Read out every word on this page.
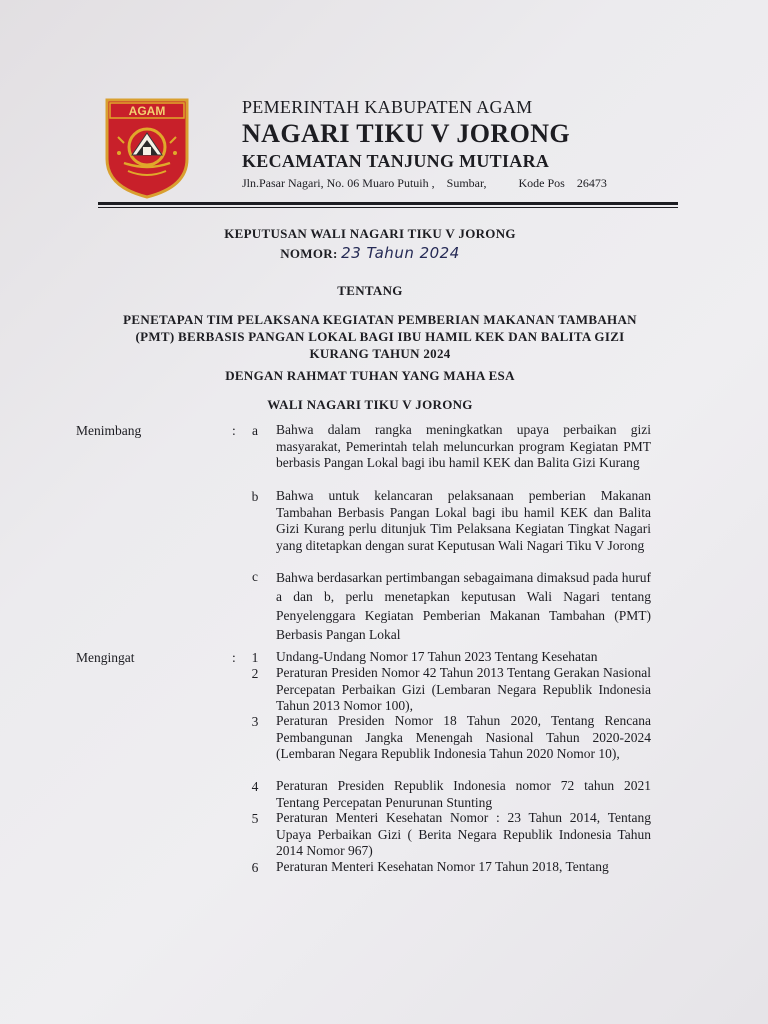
AGAM	PEMERINTAH KABUPATEN AGAM
NAGARI TIKU V JORONG
KECAMATAN TANJUNG MUTIARA
Jln.Pasar Nagari, No. 06 Muaro Putuih , Sumbar,	Kode Pos 26473
KEPUTUSAN WALI NAGARI TIKU V JORONG
NOMOR: 23 Tahun 2024
TENTANG
PENETAPAN TIM PELAKSANA KEGIATAN PEMBERIAN MAKANAN TAMBAHAN
(PMT) BERBASIS PANGAN LOKAL BAGI IBU HAMIL KEK DAN BALITA GIZI
KURANG TAHUN 2024
DENGAN RAHMAT TUHAN YANG MAHA ESA
WALI NAGARI TIKU V JORONG
Menimbang	: a Bahwa dalam rangka meningkatkan upaya perbaikan gizi masyarakat, Pemerintah telah meluncurkan program Kegiatan PMT berbasis Pangan Lokal bagi ibu hamil KEK dan Balita Gizi Kurang
b Bahwa untuk kelancaran pelaksanaan pemberian Makanan Tambahan Berbasis Pangan Lokal bagi ibu hamil KEK dan Balita Gizi Kurang perlu ditunjuk Tim Pelaksana Kegiatan Tingkat Nagari yang ditetapkan dengan surat Keputusan Wali Nagari Tiku V Jorong
c Bahwa berdasarkan pertimbangan sebagaimana dimaksud pada huruf a dan b, perlu menetapkan keputusan Wali Nagari tentang Penyelenggara Kegiatan Pemberian Makanan Tambahan (PMT) Berbasis Pangan Lokal
Mengingat	: 1 Undang-Undang Nomor 17 Tahun 2023 Tentang Kesehatan
2 Peraturan Presiden Nomor 42 Tahun 2013 Tentang Gerakan Nasional Percepatan Perbaikan Gizi (Lembaran Negara Republik Indonesia Tahun 2013 Nomor 100),
3 Peraturan Presiden Nomor 18 Tahun 2020, Tentang Rencana Pembangunan Jangka Menengah Nasional Tahun 2020-2024 (Lembaran Negara Republik Indonesia Tahun 2020 Nomor 10),
4 Peraturan Presiden Republik Indonesia nomor 72 tahun 2021 Tentang Percepatan Penurunan Stunting
5 Peraturan Menteri Kesehatan Nomor : 23 Tahun 2014, Tentang Upaya Perbaikan Gizi ( Berita Negara Republik Indonesia Tahun 2014 Nomor 967)
6 Peraturan Menteri Kesehatan Nomor 17 Tahun 2018, Tentang
